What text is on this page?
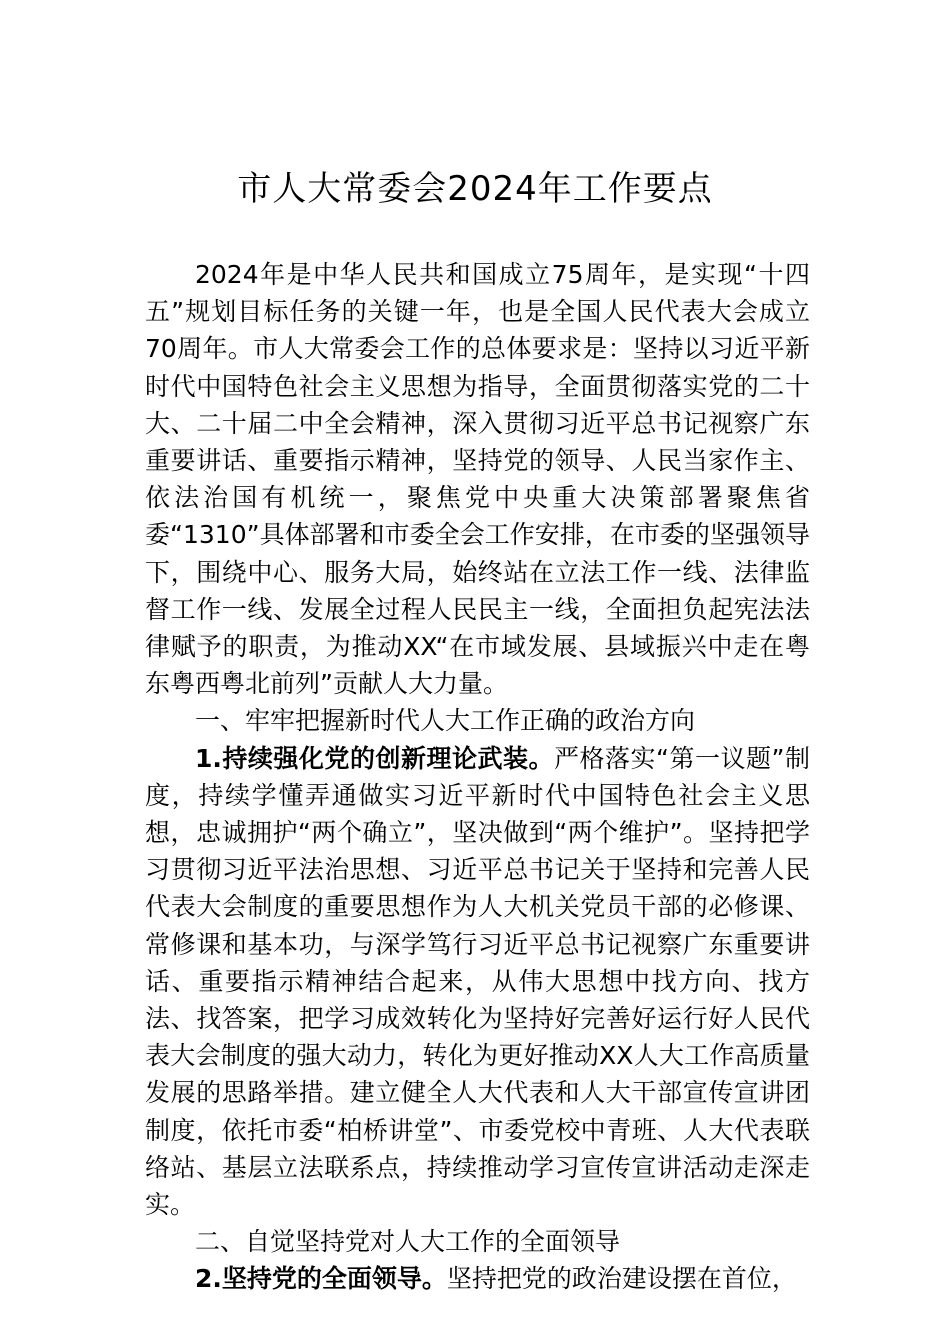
市人大常委会2024年工作要点

2024年是中华人民共和国成立75周年，是实现“十四五”规划目标任务的关键一年，也是全国人民代表大会成立70周年。市人大常委会工作的总体要求是：坚持以习近平新时代中国特色社会主义思想为指导，全面贯彻落实党的二十大、二十届二中全会精神，深入贯彻习近平总书记视察广东重要讲话、重要指示精神，坚持党的领导、人民当家作主、依法治国有机统一，聚焦党中央重大决策部署聚焦省委“1310”具体部署和市委全会工作安排，在市委的坚强领导下，围绕中心、服务大局，始终站在立法工作一线、法律监督工作一线、发展全过程人民民主一线，全面担负起宪法法律赋予的职责，为推动XX“在市域发展、县域振兴中走在粤东粤西粤北前列”贡献人大力量。

一、牢牢把握新时代人大工作正确的政治方向

1.持续强化党的创新理论武装。严格落实“第一议题”制度，持续学懂弄通做实习近平新时代中国特色社会主义思想，忠诚拥护“两个确立”，坚决做到“两个维护”。坚持把学习贯彻习近平法治思想、习近平总书记关于坚持和完善人民代表大会制度的重要思想作为人大机关党员干部的必修课、常修课和基本功，与深学笃行习近平总书记视察广东重要讲话、重要指示精神结合起来，从伟大思想中找方向、找方法、找答案，把学习成效转化为坚持好完善好运行好人民代表大会制度的强大动力，转化为更好推动XX人大工作高质量发展的思路举措。建立健全人大代表和人大干部宣传宣讲团制度，依托市委“柏桥讲堂”、市委党校中青班、人大代表联络站、基层立法联系点，持续推动学习宣传宣讲活动走深走实。

二、自觉坚持党对人大工作的全面领导

2.坚持党的全面领导。坚持把党的政治建设摆在首位，
